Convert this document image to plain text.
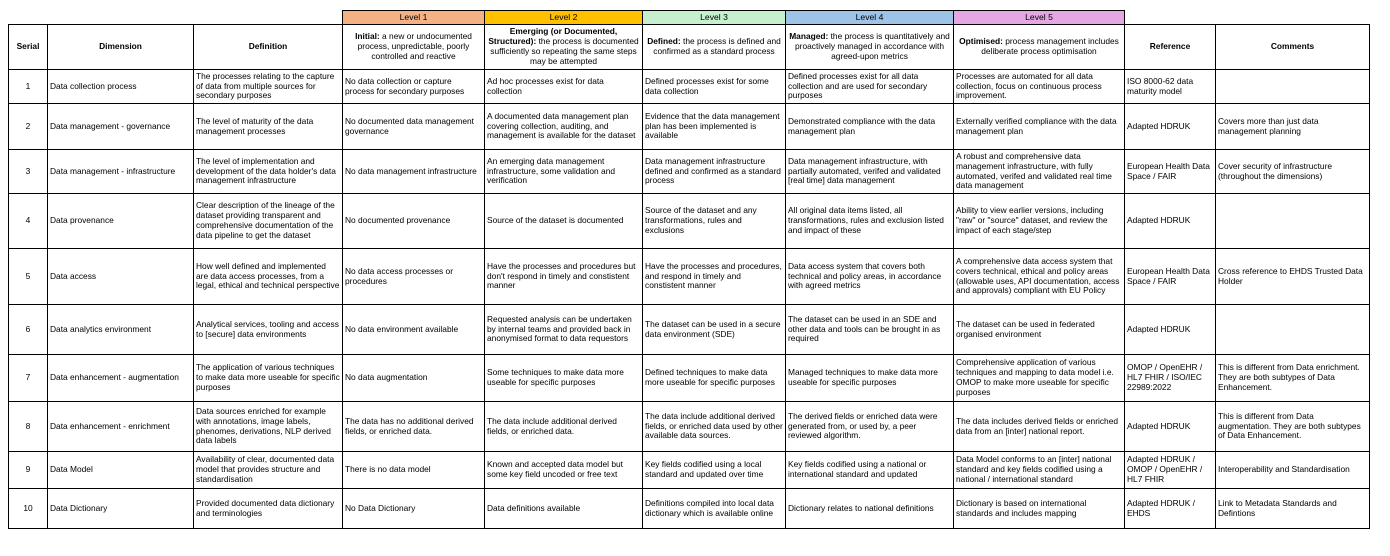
			Level 1	Level 2	Level 3	Level 4	Level 5		
Serial	Dimension	Definition	Initial: a new or undocumented process, unpredictable, poorly controlled and reactive	Emerging (or Documented, Structured): the process is documented sufficiently so repeating the same steps may be attempted	Defined: the process is defined and confirmed as a standard process	Managed: the process is quantitatively and proactively managed in accordance with agreed-upon metrics	Optimised: process management includes deliberate process optimisation	Reference	Comments
1	Data collection process	The processes relating to the capture of data from multiple sources for secondary purposes	No data collection or capture process for secondary purposes	Ad hoc processes exist for data collection	Defined processes exist for some data collection	Defined processes exist for all data collection and are used for secondary purposes	Processes are automated for all data collection, focus on continuous process improvement.	ISO 8000-62 data maturity model	
2	Data management - governance	The level of maturity of the data management processes	No documented data management governance	A documented data management plan covering collection, auditing, and management is available for the dataset	Evidence that the data management plan has been implemented is available	Demonstrated compliance with the data management plan	Externally verified compliance with the data management plan	Adapted HDRUK	Covers more than just data management planning
3	Data management - infrastructure	The level of implementation and development of the data holder's data management infrastructure	No data management infrastructure	An emerging data management infrastructure, some validation and verification	Data management infrastructure defined and confirmed as a standard process	Data management infrastructure, with partially automated, verifed and validated [real time] data management	A robust and comprehensive data management infrastructure, with fully automated, verifed and validated real time data management	European Health Data Space / FAIR	Cover security of infrastructure (throughout the dimensions)
4	Data provenance	Clear description of the lineage of the dataset providing transparent and comprehensive documentation of the data pipeline to get the dataset	No documented provenance	Source of the dataset is documented	Source of the dataset and any transformations, rules and exclusions	All original data items listed, all transformations, rules and exclusion listed and impact of these	Ability to view earlier versions, including "raw" or "source" dataset, and review the impact of each stage/step	Adapted HDRUK	
5	Data access	How well defined and implemented are data access processes, from a legal, ethical and technical perspective	No data access processes or procedures	Have the processes and procedures but don't respond in timely and constistent manner	Have the processes and procedures, and respond in timely and constistent manner	Data access system that covers both technical and policy areas, in accordance with agreed metrics	A comprehensive data access system that covers technical, ethical and policy areas (allowable uses, API documentation, access and approvals) compliant with EU Policy	European Health Data Space / FAIR	Cross reference to EHDS Trusted Data Holder
6	Data analytics environment	Analytical services, tooling and access to [secure] data environments	No data environment available	Requested analysis can be undertaken by internal teams and provided back in anonymised format to data requestors	The dataset can be used in a secure data environment (SDE)	The dataset can be used in an SDE and other data and tools can be brought in as required	The dataset can be used in federated organised environment	Adapted HDRUK	
7	Data enhancement - augmentation	The application of various techniques to make data more useable for specific purposes	No data augmentation	Some techniques to make data more useable for specific purposes	Defined techniques to make data more useable for specific purposes	Managed techniques to make data more useable for specific purposes	Comprehensive application of various techniques and mapping to data model i.e. OMOP to make more useable for specific purposes	OMOP / OpenEHR / HL7 FHIR / ISO/IEC 22989:2022	This is different from Data enrichment. They are both subtypes of Data Enhancement.
8	Data enhancement - enrichment	Data sources enriched for example with annotations, image labels, phenomes, derivations, NLP derived data labels	The data has no additional derived fields, or enriched data.	The data include additional derived fields, or enriched data.	The data include additional derived fields, or enriched data used by other available data sources.	The derived fields or enriched data were generated from, or used by, a peer reviewed algorithm.	The data includes derived fields or enriched data from an [inter] national report.	Adapted HDRUK	This is different from Data augmentation. They are both subtypes of Data Enhancement.
9	Data Model	Availability of clear, documented data model that provides structure and standardisation	There is no data model	Known and accepted data model but some key field uncoded or free text	Key fields codified using a local standard and updated over time	Key fields codified using a national or international standard and updated	Data Model conforms to an [inter] national standard and key fields codified using a national / international standard	Adapted HDRUK / OMOP / OpenEHR / HL7 FHIR	Interoperability and Standardisation
10	Data Dictionary	Provided documented data dictionary and terminologies	No Data Dictionary	Data definitions available	Definitions compiled into local data dictionary which is available online	Dictionary relates to national definitions	Dictionary is based on international standards and includes mapping	Adapted HDRUK / EHDS	Link to Metadata Standards and Defintions
